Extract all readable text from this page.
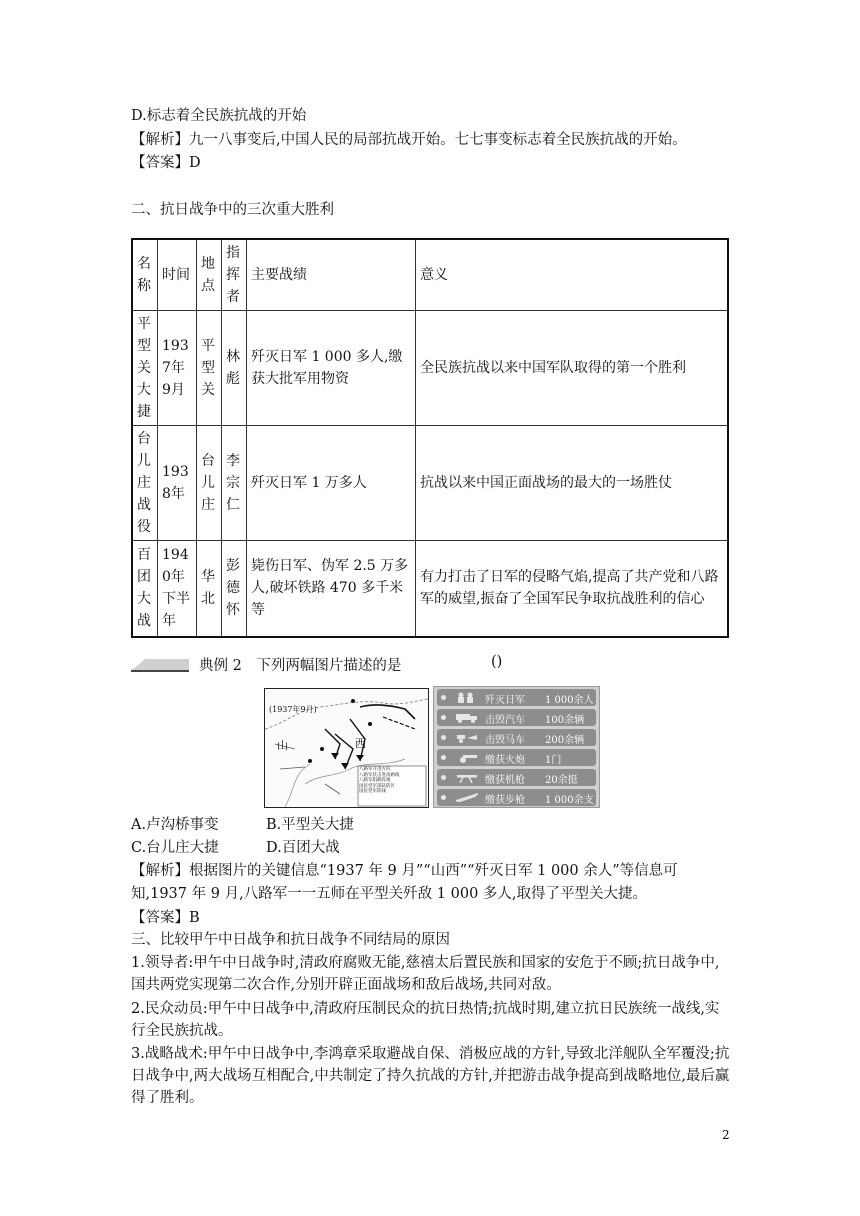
D.标志着全民族抗战的开始
【解析】九一八事变后,中国人民的局部抗战开始。七七事变标志着全民族抗战的开始。
【答案】D
二、抗日战争中的三次重大胜利
名称	时间	地点	指挥者	主要战绩	意义
平型关大捷	1937年9月	平型关	林彪	歼灭日军 1 000 多人,缴获大批军用物资	全民族抗战以来中国军队取得的第一个胜利
台儿庄战役	1938年	台儿庄	李宗仁	歼灭日军 1 万多人	抗战以来中国正面战场的最大的一场胜仗
百团大战	1940年下半年	华北	彭德怀	毙伤日军、伪军 2.5 万多人,破坏铁路 470 多千米等	有力打击了日军的侵略气焰,提高了共产党和八路军的威望,振奋了全国军民争取抗战胜利的信心
典例 2　下列两幅图片描述的是	()
(1937年9月)
山	西
八路军开进方向
八路军伏击进攻路线
八路军阻截阵地
国民党军部队防区
国民党军防线
歼灭日军 1 000余人
击毁汽车 100余辆
击毁马车 200余辆
缴获火炮 1门
缴获机枪 20余挺
缴获步枪 1 000余支
A.卢沟桥事变	B.平型关大捷
C.台儿庄大捷	D.百团大战
【解析】根据图片的关键信息“1937 年 9 月”“山西”“歼灭日军 1 000 余人”等信息可
知,1937 年 9 月,八路军一一五师在平型关歼敌 1 000 多人,取得了平型关大捷。
【答案】B
三、比较甲午中日战争和抗日战争不同结局的原因
1.领导者:甲午中日战争时,清政府腐败无能,慈禧太后置民族和国家的安危于不顾;抗日战争中,国共两党实现第二次合作,分别开辟正面战场和敌后战场,共同对敌。
2.民众动员:甲午中日战争中,清政府压制民众的抗日热情;抗战时期,建立抗日民族统一战线,实行全民族抗战。
3.战略战术:甲午中日战争中,李鸿章采取避战自保、消极应战的方针,导致北洋舰队全军覆没;抗日战争中,两大战场互相配合,中共制定了持久抗战的方针,并把游击战争提高到战略地位,最后赢得了胜利。
2
